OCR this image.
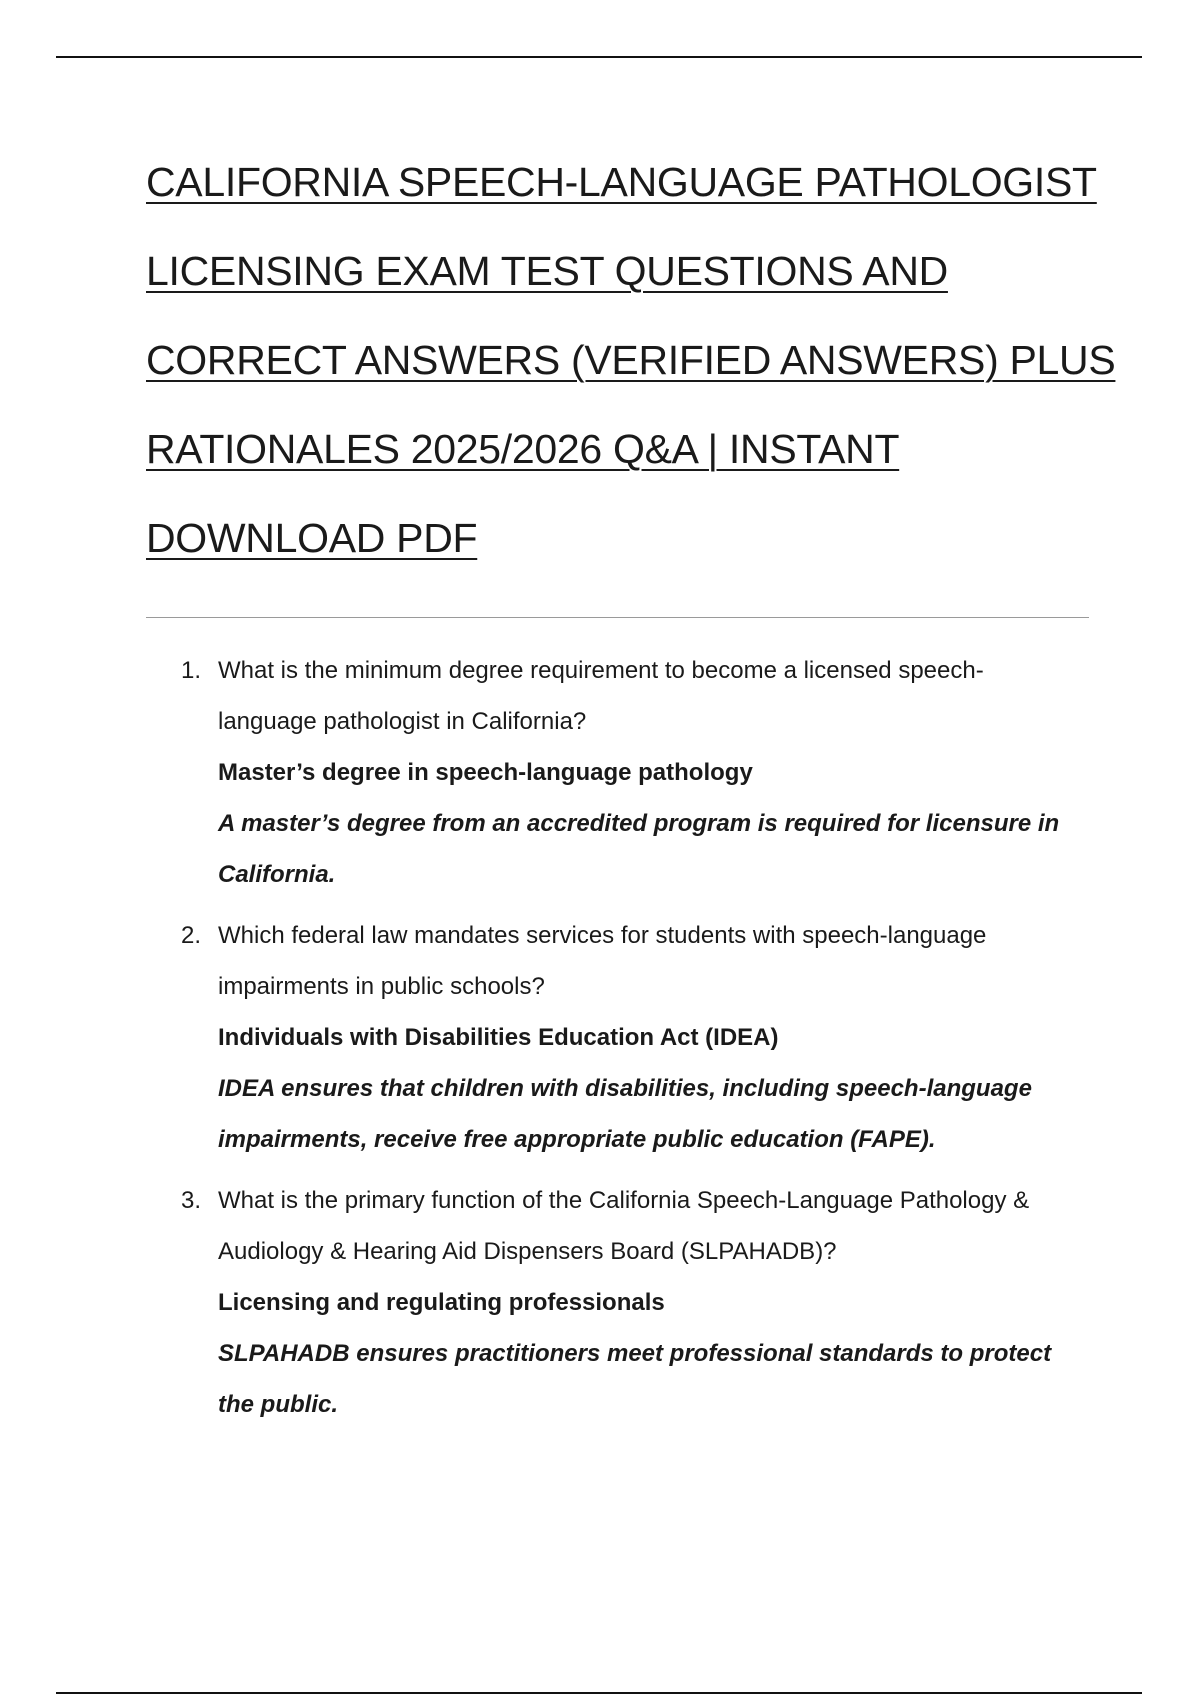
CALIFORNIA SPEECH-LANGUAGE PATHOLOGIST
LICENSING EXAM TEST QUESTIONS AND
CORRECT ANSWERS (VERIFIED ANSWERS) PLUS
RATIONALES 2025/2026 Q&A | INSTANT
DOWNLOAD PDF
1. What is the minimum degree requirement to become a licensed speech-language pathologist in California?

Master’s degree in speech-language pathology

A master’s degree from an accredited program is required for licensure in California.

2. Which federal law mandates services for students with speech-language impairments in public schools?

Individuals with Disabilities Education Act (IDEA)

IDEA ensures that children with disabilities, including speech-language impairments, receive free appropriate public education (FAPE).

3. What is the primary function of the California Speech-Language Pathology & Audiology & Hearing Aid Dispensers Board (SLPAHADB)?

Licensing and regulating professionals

SLPAHADB ensures practitioners meet professional standards to protect the public.
